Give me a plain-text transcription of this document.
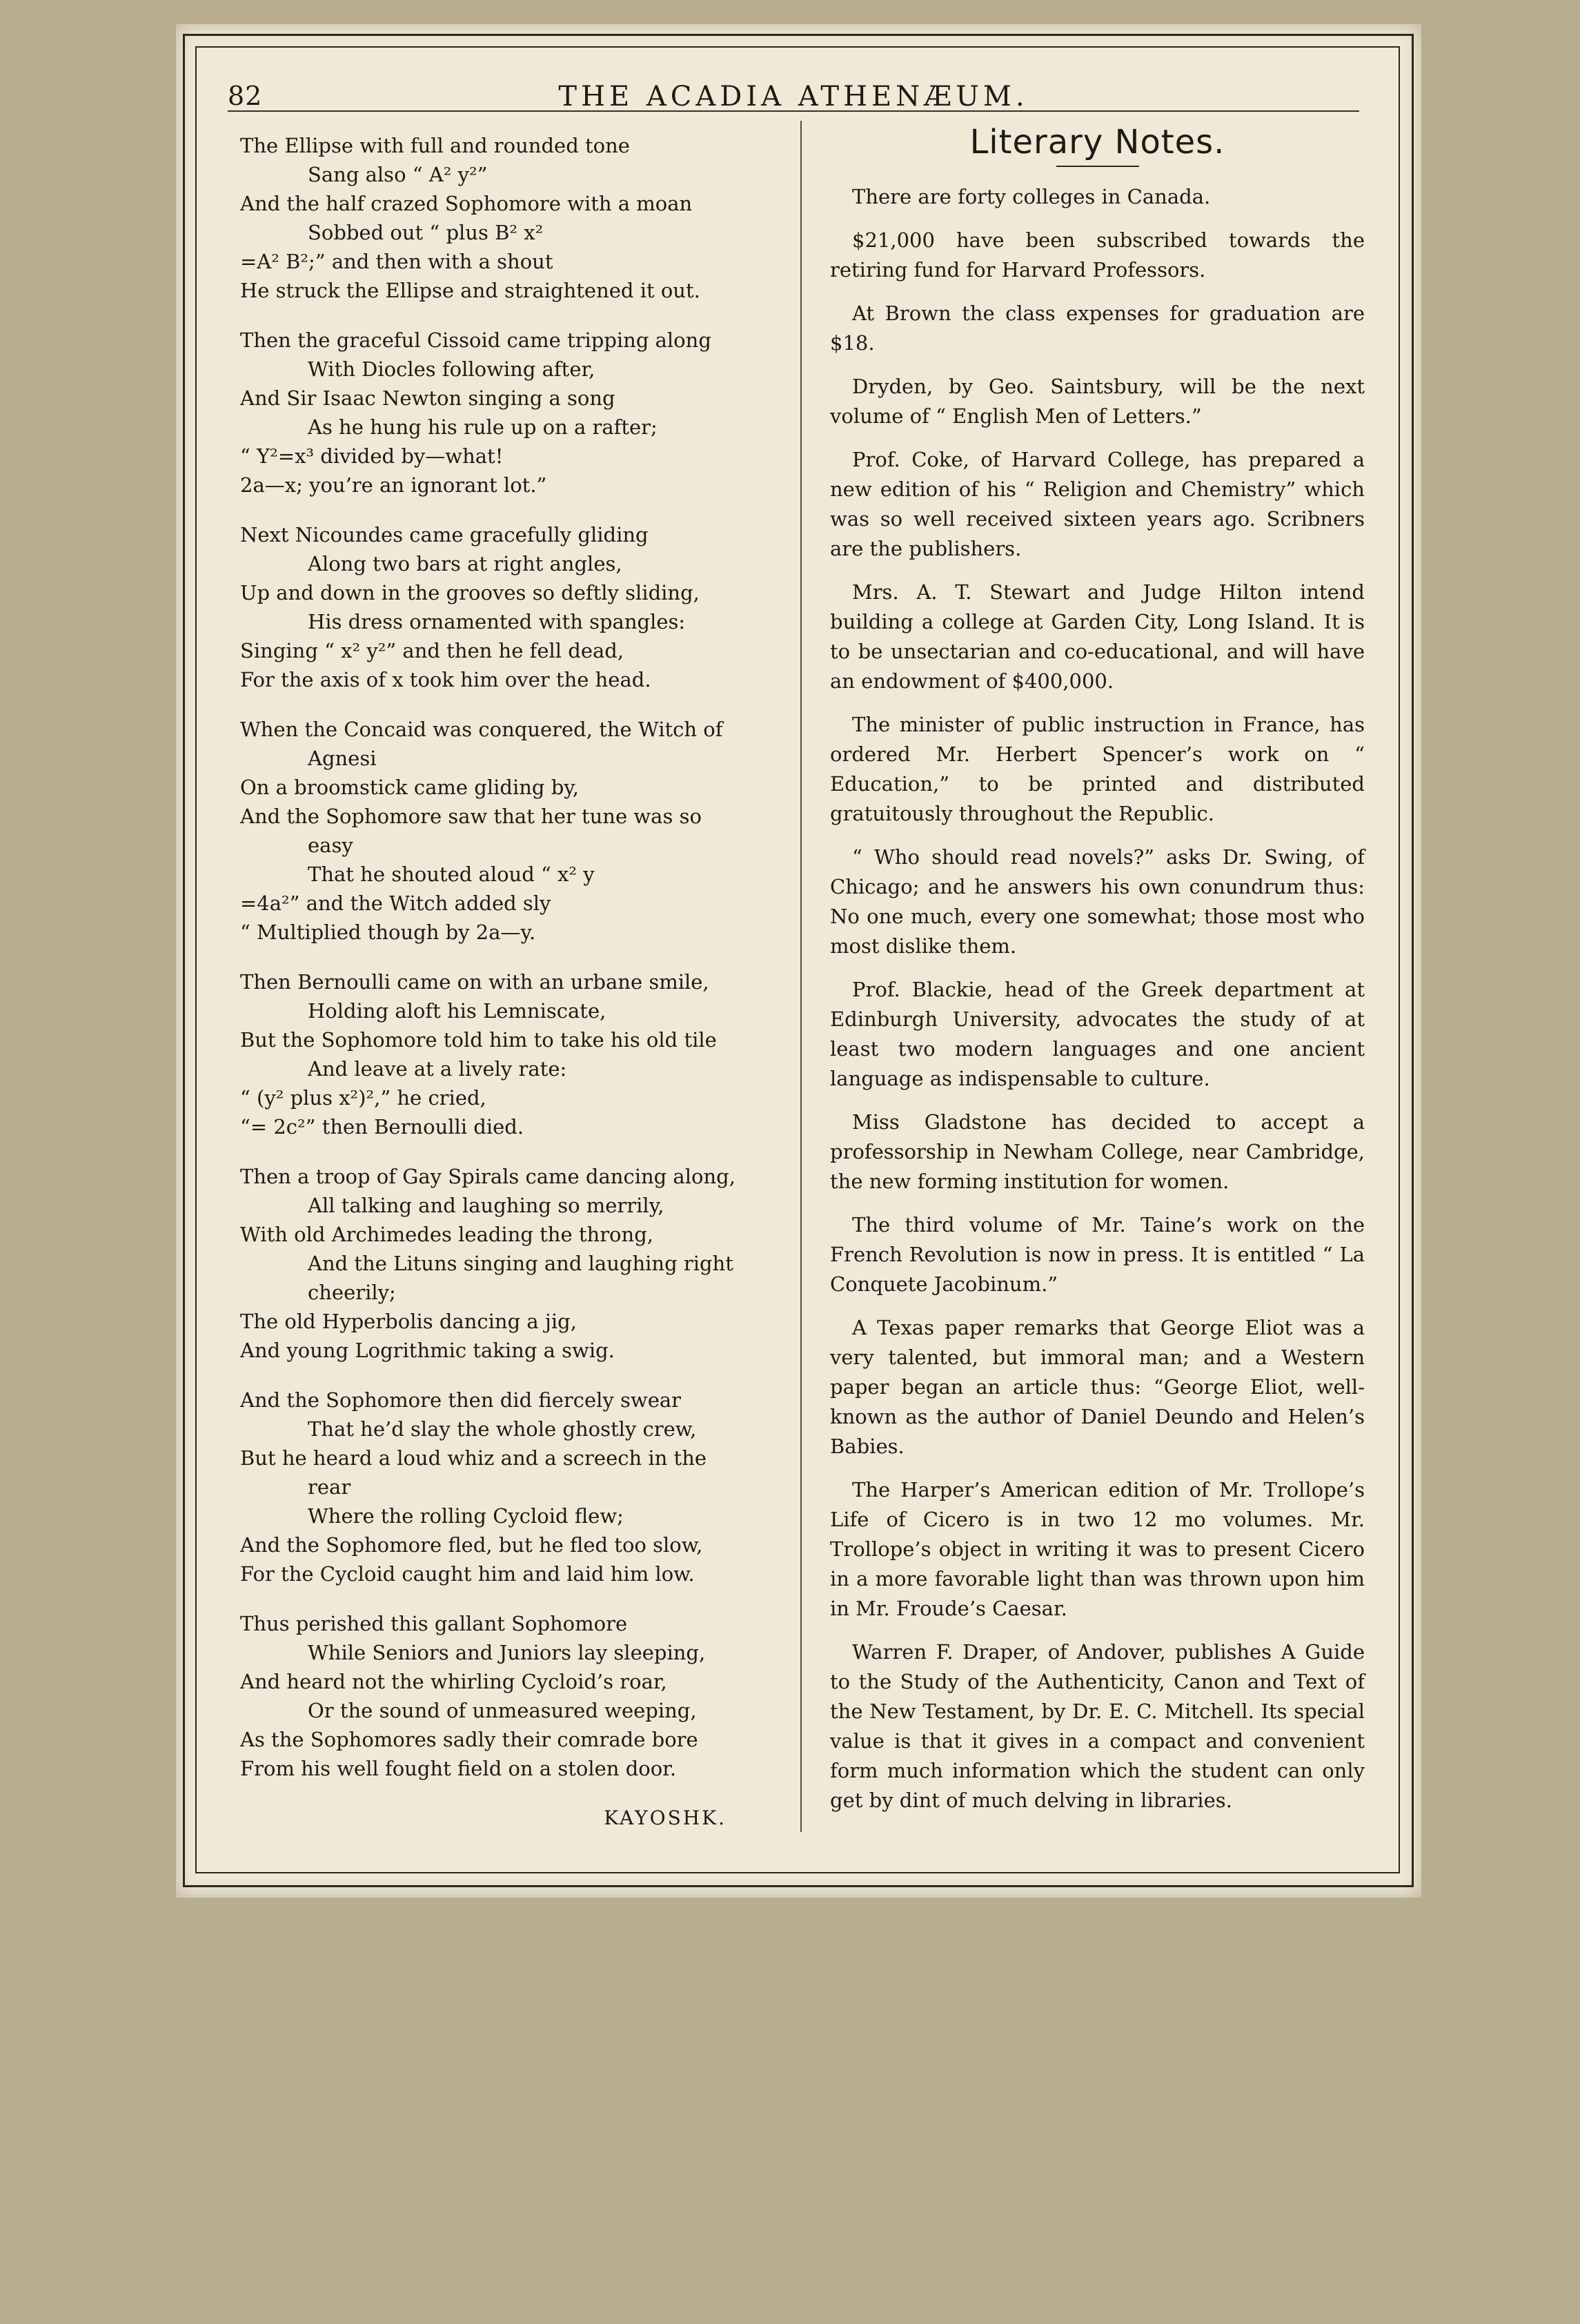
82	THE ACADIA ATHENÆUM.
The Ellipse with full and rounded tone
Sang also “ A² y²”
And the half crazed Sophomore with a moan
Sobbed out “ plus B² x²
=A² B²;” and then with a shout
He struck the Ellipse and straightened it out.
Then the graceful Cissoid came tripping along
With Diocles following after,
And Sir Isaac Newton singing a song
As he hung his rule up on a rafter;
“ Y²=x³ divided by—what!
2a—x; you’re an ignorant lot.”
Next Nicoundes came gracefully gliding
Along two bars at right angles,
Up and down in the grooves so deftly sliding,
His dress ornamented with spangles:
Singing “ x² y²” and then he fell dead,
For the axis of x took him over the head.
When the Concaid was conquered, the Witch of
Agnesi
On a broomstick came gliding by,
And the Sophomore saw that her tune was so
easy
That he shouted aloud “ x² y
=4a²” and the Witch added sly
“ Multiplied though by 2a—y.
Then Bernoulli came on with an urbane smile,
Holding aloft his Lemniscate,
But the Sophomore told him to take his old tile
And leave at a lively rate:
“ (y² plus x²)²,” he cried,
“= 2c²” then Bernoulli died.
Then a troop of Gay Spirals came dancing along,
All talking and laughing so merrily,
With old Archimedes leading the throng,
And the Lituns singing and laughing right
cheerily;
The old Hyperbolis dancing a jig,
And young Logrithmic taking a swig.
And the Sophomore then did fiercely swear
That he’d slay the whole ghostly crew,
But he heard a loud whiz and a screech in the
rear
Where the rolling Cycloid flew;
And the Sophomore fled, but he fled too slow,
For the Cycloid caught him and laid him low.
Thus perished this gallant Sophomore
While Seniors and Juniors lay sleeping,
And heard not the whirling Cycloid’s roar,
Or the sound of unmeasured weeping,
As the Sophomores sadly their comrade bore
From his well fought field on a stolen door.
KAYOSHK.
Literary Notes.

There are forty colleges in Canada.

$21,000 have been subscribed towards the retiring fund for Harvard Professors.

At Brown the class expenses for graduation are $18.

Dryden, by Geo. Saintsbury, will be the next volume of “ English Men of Letters.”

Prof. Coke, of Harvard College, has prepared a new edition of his “ Religion and Chemistry” which was so well received sixteen years ago. Scribners are the publishers.

Mrs. A. T. Stewart and Judge Hilton intend building a college at Garden City, Long Island. It is to be unsectarian and co-educational, and will have an endowment of $400,000.

The minister of public instruction in France, has ordered Mr. Herbert Spencer’s work on “ Education,” to be printed and distributed gratuitously throughout the Republic.

“ Who should read novels?” asks Dr. Swing, of Chicago; and he answers his own conundrum thus: No one much, every one somewhat; those most who most dislike them.

Prof. Blackie, head of the Greek department at Edinburgh University, advocates the study of at least two modern languages and one ancient language as indispensable to culture.

Miss Gladstone has decided to accept a professorship in Newham College, near Cambridge, the new forming institution for women.

The third volume of Mr. Taine’s work on the French Revolution is now in press. It is entitled “ La Conquete Jacobinum.”

A Texas paper remarks that George Eliot was a very talented, but immoral man; and a Western paper began an article thus: “George Eliot, well-known as the author of Daniel Deundo and Helen’s Babies.

The Harper’s American edition of Mr. Trollope’s Life of Cicero is in two 12 mo volumes. Mr. Trollope’s object in writing it was to present Cicero in a more favorable light than was thrown upon him in Mr. Froude’s Caesar.

Warren F. Draper, of Andover, publishes A Guide to the Study of the Authenticity, Canon and Text of the New Testament, by Dr. E. C. Mitchell. Its special value is that it gives in a compact and convenient form much information which the student can only get by dint of much delving in libraries.
